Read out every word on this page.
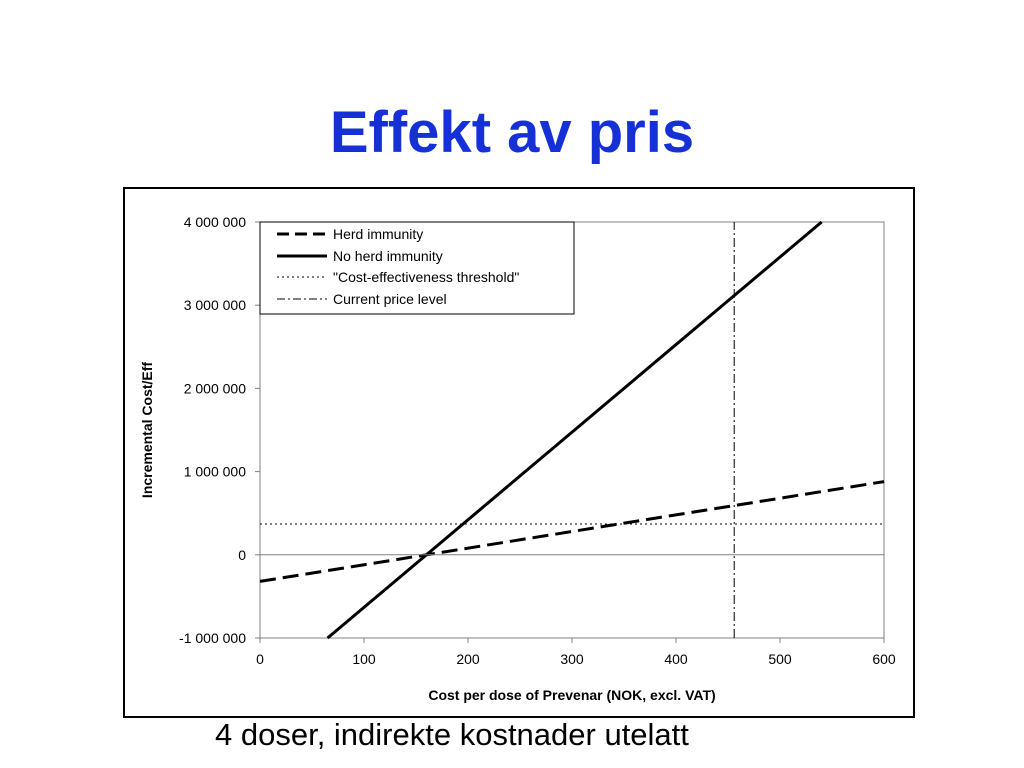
Effekt av pris
-1 000 000
0
1 000 000
2 000 000
3 000 000
4 000 000
0	100	200	300	400	500	600
Cost per dose of Prevenar (NOK, excl. VAT)
Incremental Cost/Eff
Herd immunity
No herd immunity
"Cost-effectiveness threshold"
Current price level
4 doser, indirekte kostnader utelatt
